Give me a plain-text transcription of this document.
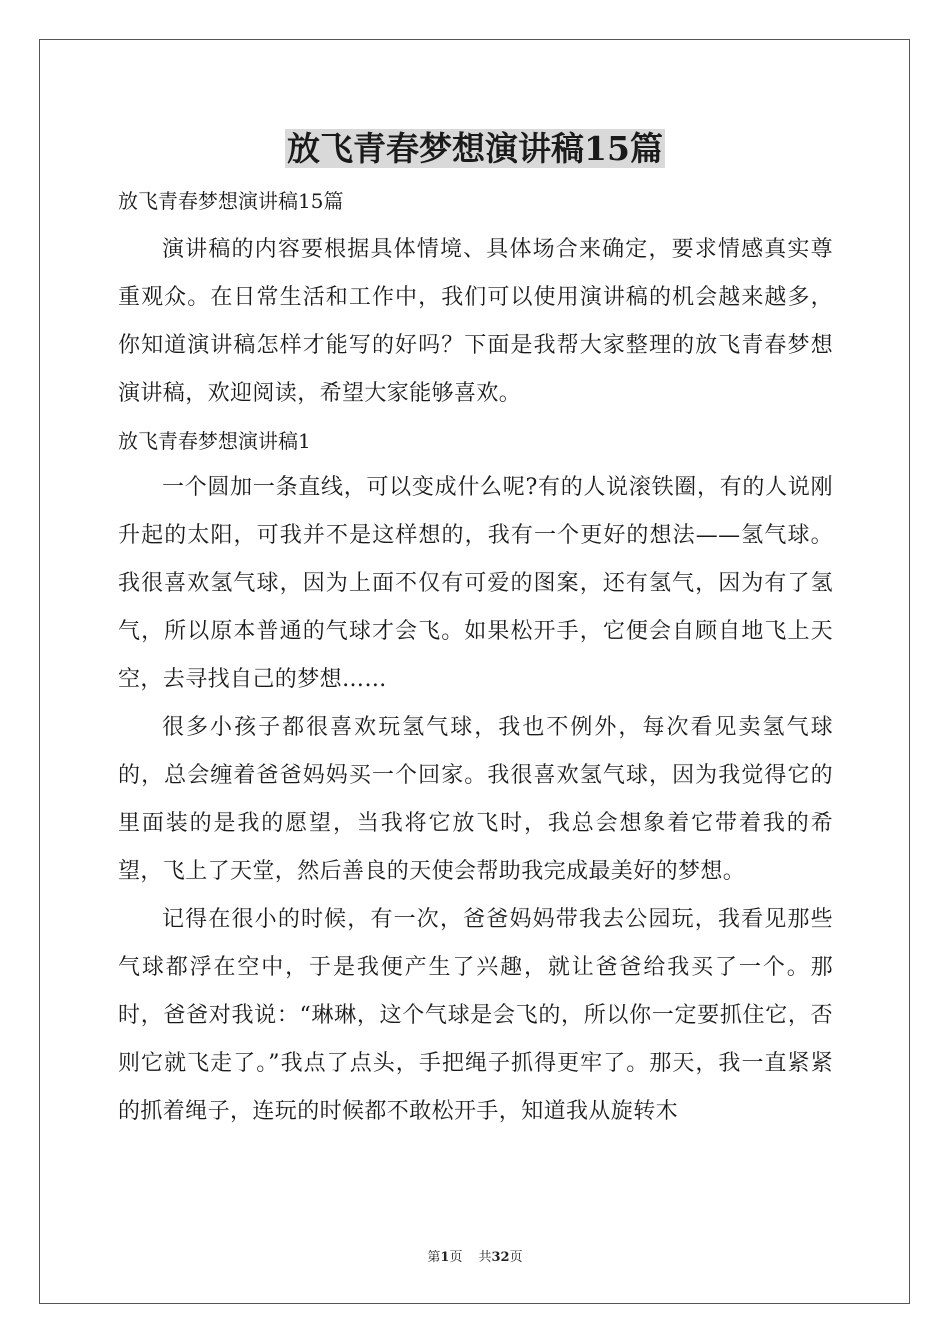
放飞青春梦想演讲稿15篇

放飞青春梦想演讲稿15篇

演讲稿的内容要根据具体情境、具体场合来确定，要求情感真实尊重观众。在日常生活和工作中，我们可以使用演讲稿的机会越来越多，你知道演讲稿怎样才能写的好吗？下面是我帮大家整理的放飞青春梦想演讲稿，欢迎阅读，希望大家能够喜欢。

放飞青春梦想演讲稿1

一个圆加一条直线，可以变成什么呢?有的人说滚铁圈，有的人说刚升起的太阳，可我并不是这样想的，我有一个更好的想法——氢气球。我很喜欢氢气球，因为上面不仅有可爱的图案，还有氢气，因为有了氢气，所以原本普通的气球才会飞。如果松开手，它便会自顾自地飞上天空，去寻找自己的梦想……

很多小孩子都很喜欢玩氢气球，我也不例外，每次看见卖氢气球的，总会缠着爸爸妈妈买一个回家。我很喜欢氢气球，因为我觉得它的里面装的是我的愿望，当我将它放飞时，我总会想象着它带着我的希望，飞上了天堂，然后善良的天使会帮助我完成最美好的梦想。

记得在很小的时候，有一次，爸爸妈妈带我去公园玩，我看见那些气球都浮在空中，于是我便产生了兴趣，就让爸爸给我买了一个。那时，爸爸对我说：“琳琳，这个气球是会飞的，所以你一定要抓住它，否则它就飞走了。”我点了点头，手把绳子抓得更牢了。那天，我一直紧紧的抓着绳子，连玩的时候都不敢松开手，知道我从旋转木

第1页 共32页
